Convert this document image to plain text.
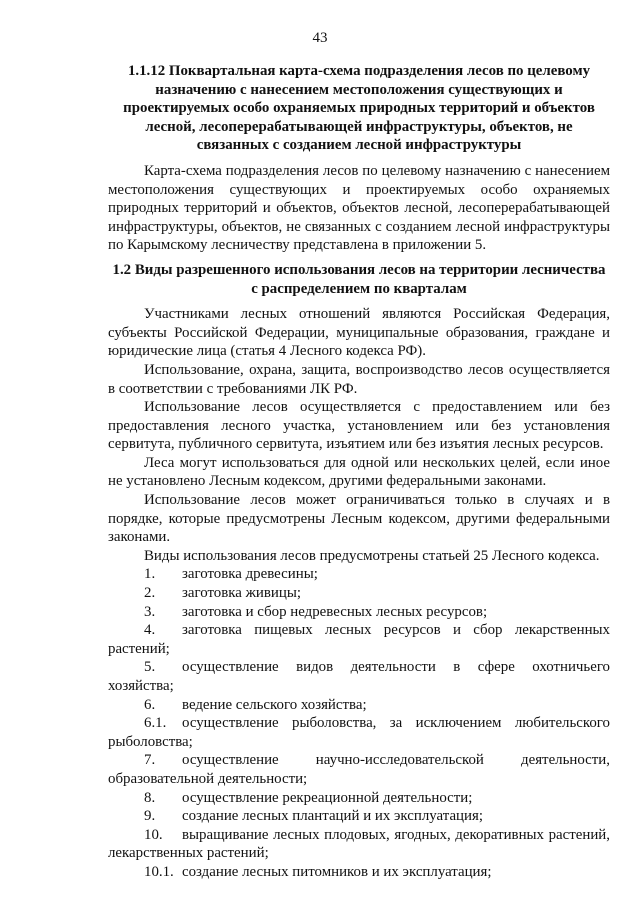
43

1.1.12 Поквартальная карта-схема подразделения лесов по целевому назначению с нанесением местоположения существующих и проектируемых особо охраняемых природных территорий и объектов лесной, лесоперерабатывающей инфраструктуры, объектов, не связанных с созданием лесной инфраструктуры

Карта-схема подразделения лесов по целевому назначению с нанесением местоположения существующих и проектируемых особо охраняемых природных территорий и объектов, объектов лесной, лесоперерабатывающей инфраструктуры, объектов, не связанных с созданием лесной инфраструктуры по Карымскому лесничеству представлена в приложении 5.

1.2 Виды разрешенного использования лесов на территории лесничества с распределением по кварталам

Участниками лесных отношений являются Российская Федерация, субъекты Российской Федерации, муниципальные образования, граждане и юридические лица (статья 4 Лесного кодекса РФ).

Использование, охрана, защита, воспроизводство лесов осуществляется в соответствии с требованиями ЛК РФ.

Использование лесов осуществляется с предоставлением или без предоставления лесного участка, установлением или без установления сервитута, публичного сервитута, изъятием или без изъятия лесных ресурсов.

Леса могут использоваться для одной или нескольких целей, если иное не установлено Лесным кодексом, другими федеральными законами.

Использование лесов может ограничиваться только в случаях и в порядке, которые предусмотрены Лесным кодексом, другими федеральными законами.

Виды использования лесов предусмотрены статьей 25 Лесного кодекса.

1. заготовка древесины;

2. заготовка живицы;

3. заготовка и сбор недревесных лесных ресурсов;

4. заготовка пищевых лесных ресурсов и сбор лекарственных растений;

5. осуществление видов деятельности в сфере охотничьего хозяйства;

6. ведение сельского хозяйства;

6.1. осуществление рыболовства, за исключением любительского рыболовства;

7. осуществление научно-исследовательской деятельности, образовательной деятельности;

8. осуществление рекреационной деятельности;

9. создание лесных плантаций и их эксплуатация;

10. выращивание лесных плодовых, ягодных, декоративных растений, лекарственных растений;

10.1. создание лесных питомников и их эксплуатация;
